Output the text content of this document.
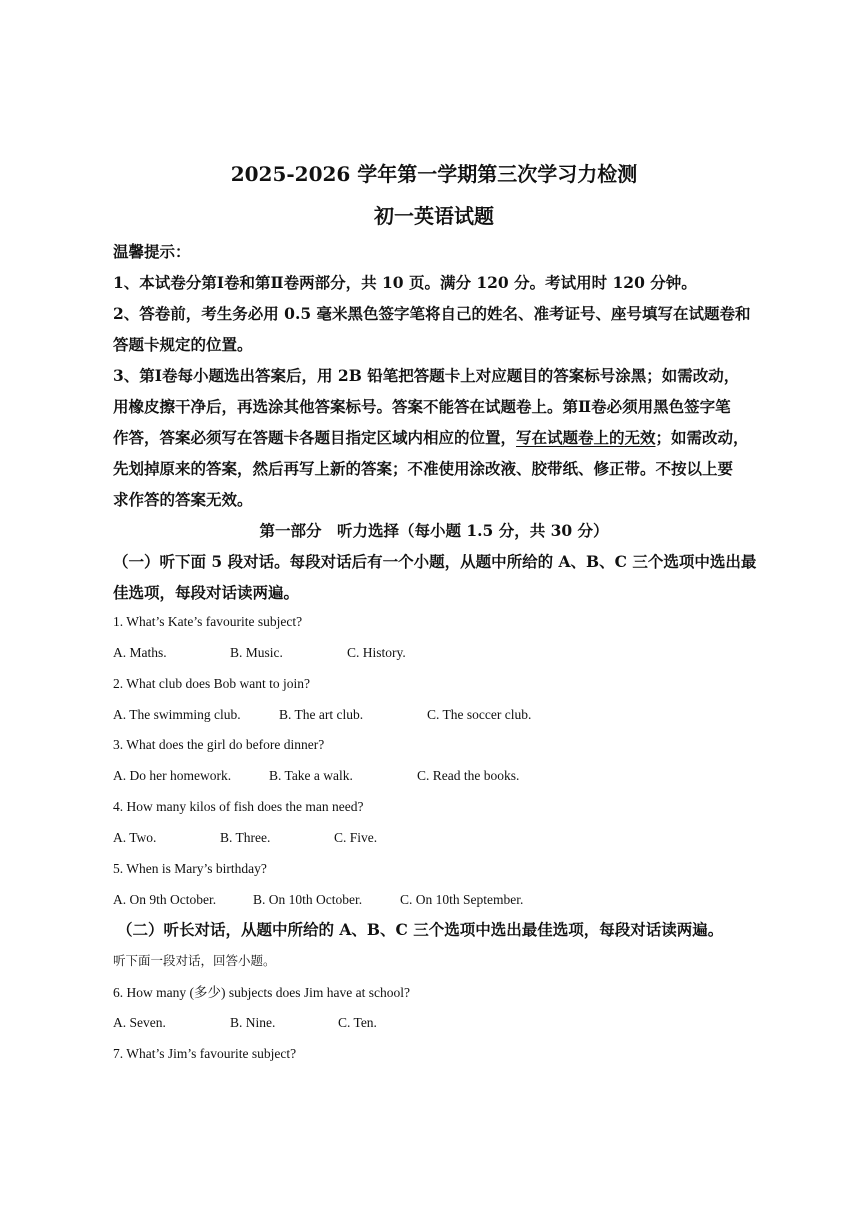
2025-2026 学年第一学期第三次学习力检测
初一英语试题
温馨提示：
1、本试卷分第Ⅰ卷和第Ⅱ卷两部分，共 10 页。满分 120 分。考试用时 120 分钟。
2、答卷前，考生务必用 0.5 毫米黑色签字笔将自己的姓名、准考证号、座号填写在试题卷和
答题卡规定的位置。
3、第Ⅰ卷每小题选出答案后，用 2B 铅笔把答题卡上对应题目的答案标号涂黑；如需改动，
用橡皮擦干净后，再选涂其他答案标号。答案不能答在试题卷上。第Ⅱ卷必须用黑色签字笔
作答，答案必须写在答题卡各题目指定区域内相应的位置，写在试题卷上的无效；如需改动，
先划掉原来的答案，然后再写上新的答案；不准使用涂改液、胶带纸、修正带。不按以上要
求作答的答案无效。
第一部分　听力选择（每小题 1.5 分，共 30 分）
（一）听下面 5 段对话。每段对话后有一个小题，从题中所给的 A、B、C 三个选项中选出最
佳选项，每段对话读两遍。
1. What’s Kate’s favourite subject?
A. Maths.	B. Music.	C. History.
2. What club does Bob want to join?
A. The swimming club.	B. The art club.	C. The soccer club.
3. What does the girl do before dinner?
A. Do her homework.	B. Take a walk.	C. Read the books.
4. How many kilos of fish does the man need?
A. Two.	B. Three.	C. Five.
5. When is Mary’s birthday?
A. On 9th October.	B. On 10th October.	C. On 10th September.
（二）听长对话，从题中所给的 A、B、C 三个选项中选出最佳选项，每段对话读两遍。
听下面一段对话，回答小题。
6. How many (多少) subjects does Jim have at school?
A. Seven.	B. Nine.	C. Ten.
7. What’s Jim’s favourite subject?
